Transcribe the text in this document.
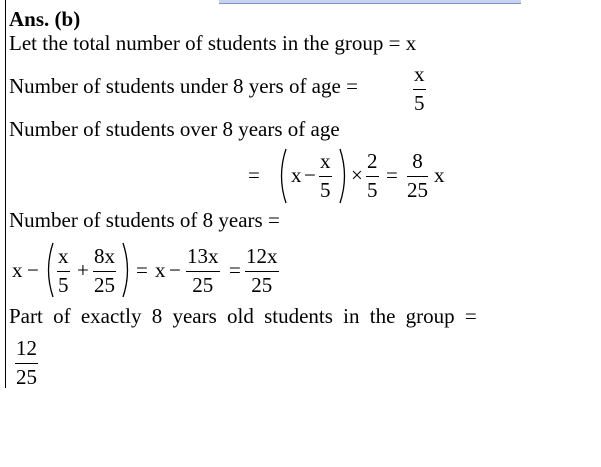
Ans. (b)
Let the total number of students in the group = x
Number of students under 8 yers of age =	x
5
Number of students over 8 years of age
= x −
x
5
×
2
5
=
8
25
x
Number of students of 8 years =
x −
x
5
+
8x
25
= x −
13x
25
=
12x
25
Part of exactly 8 years old students in the group =
12
25
